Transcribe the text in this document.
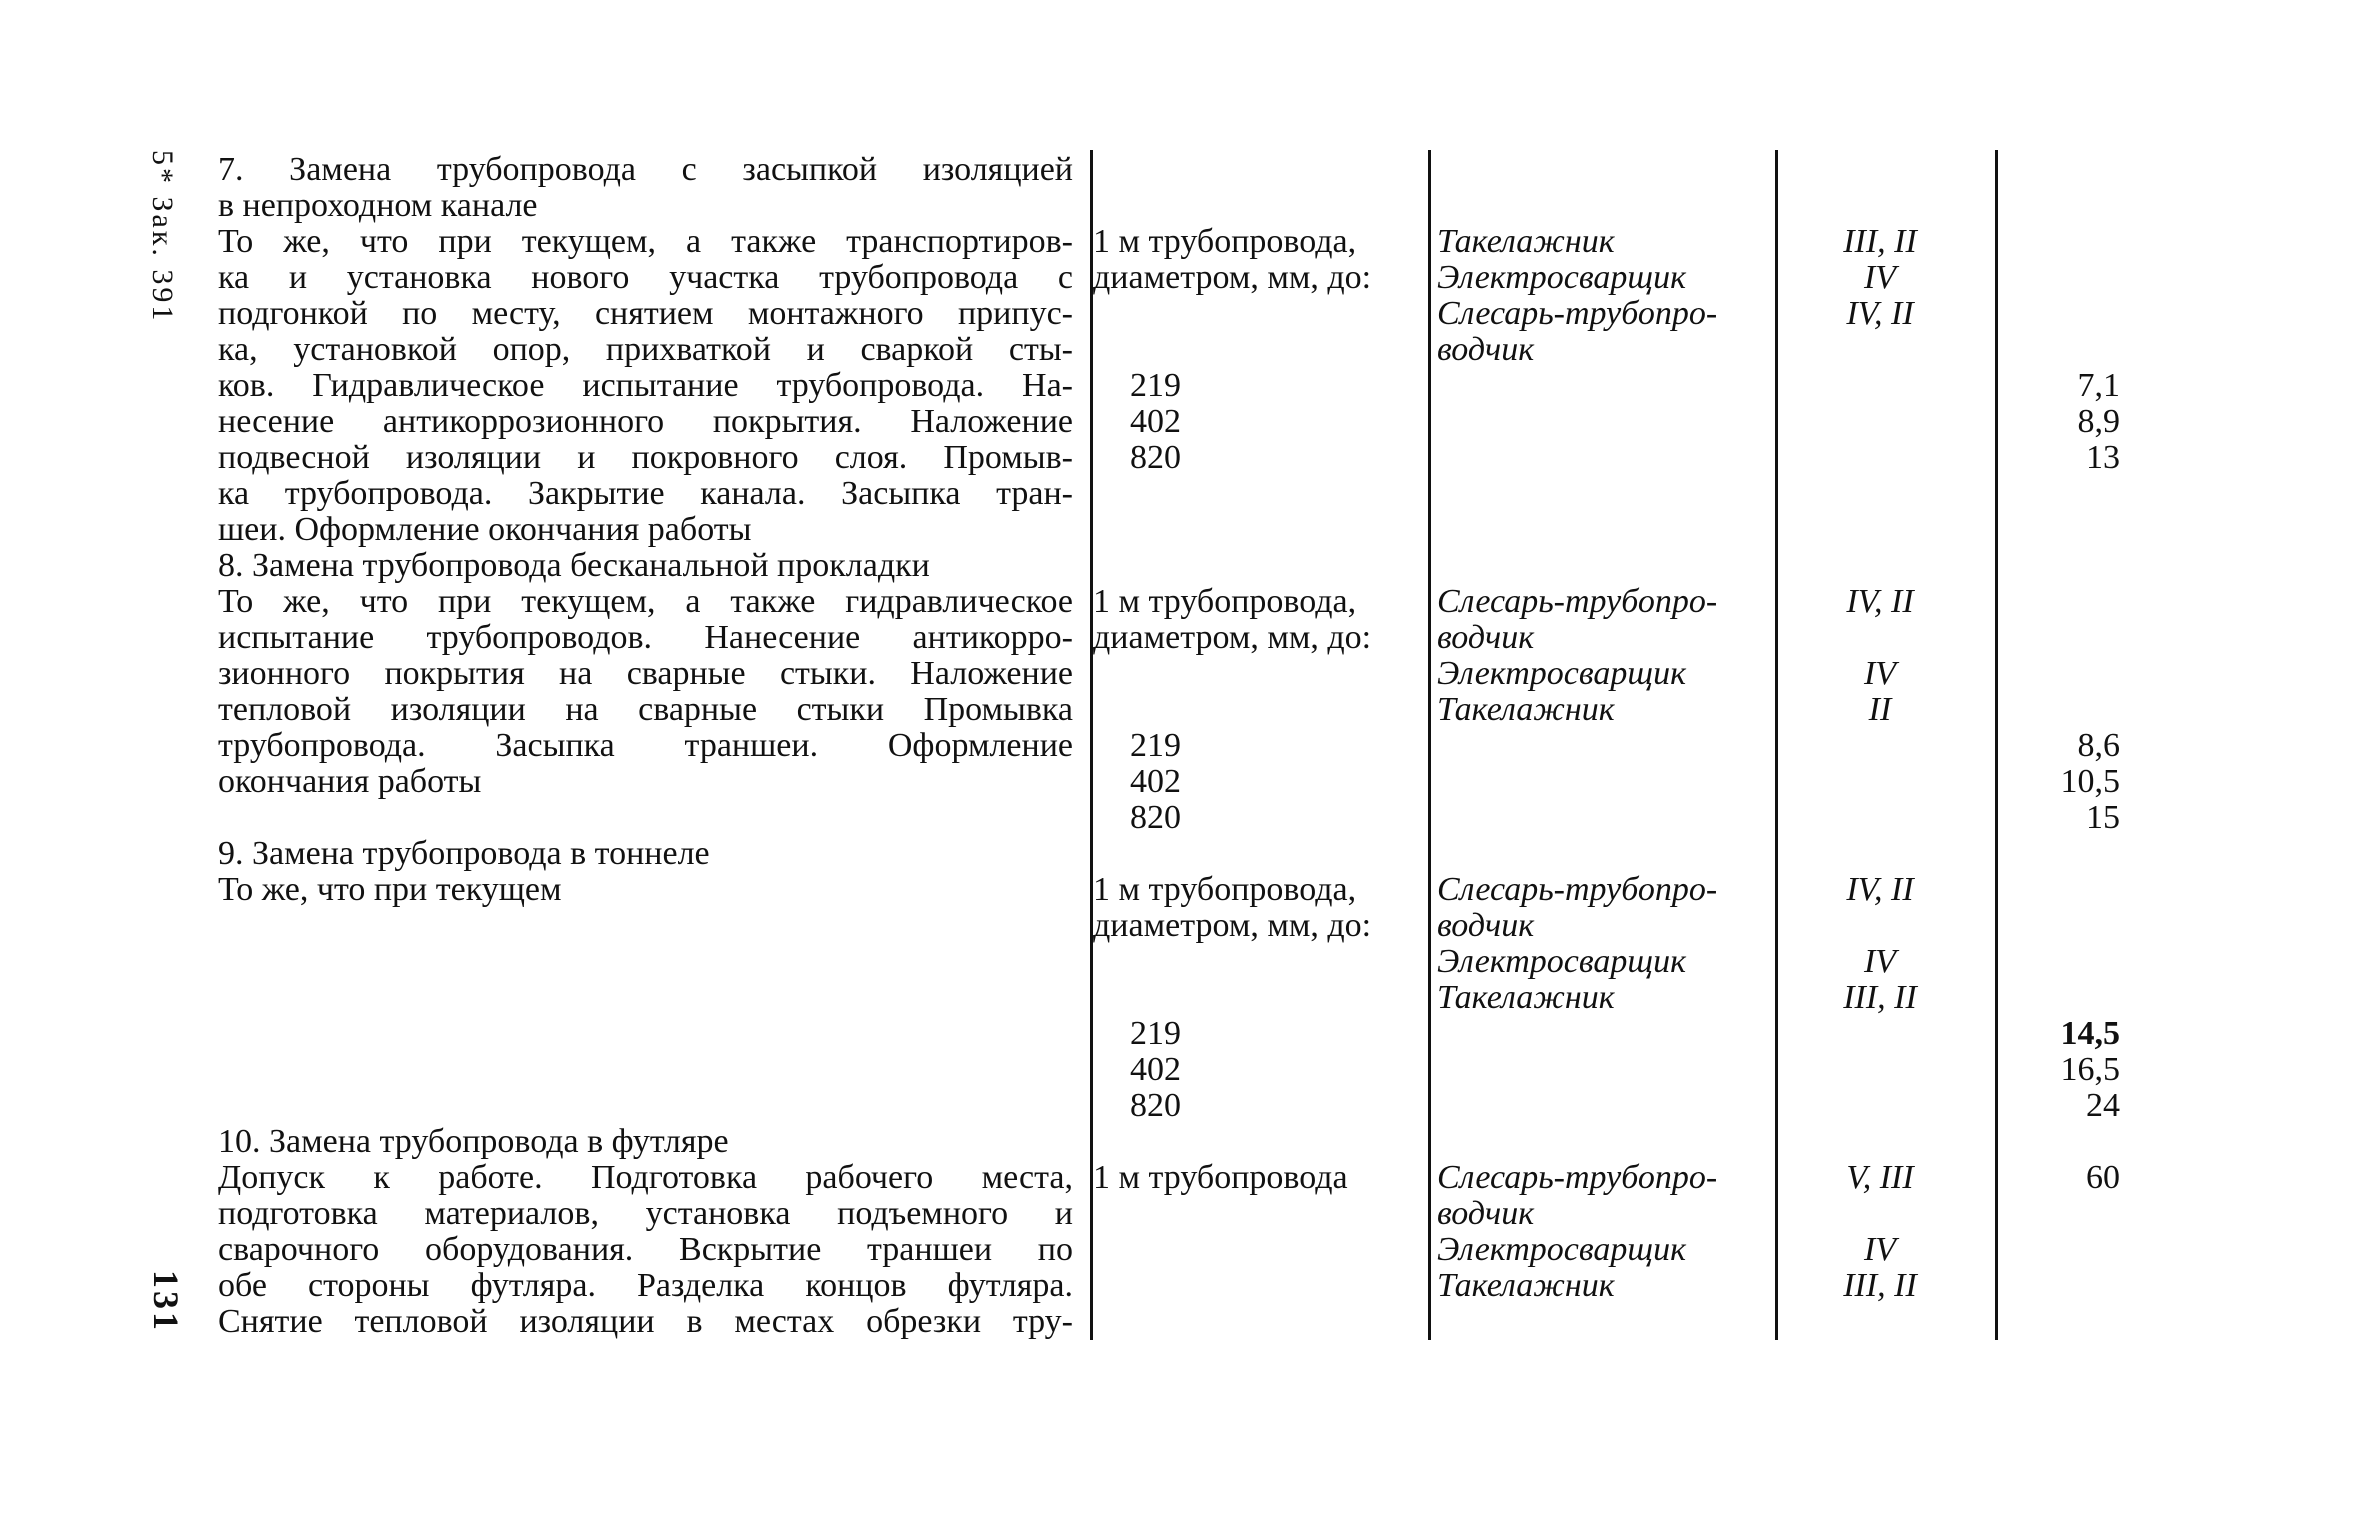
5* Зак. 391
131
7. Замена трубопровода с засыпкой изоляцией
в непроходном канале
То же, что при текущем, а также транспортиров-
ка и установка нового участка трубопровода с
подгонкой по месту, снятием монтажного припус-
ка, установкой опор, прихваткой и сваркой сты-
ков. Гидравлическое испытание трубопровода. На-
несение антикоррозионного покрытия. Наложение
подвесной изоляции и покровного слоя. Промыв-
ка трубопровода. Закрытие канала. Засыпка тран-
шеи. Оформление окончания работы
1 м трубопровода,
диаметром, мм, до:
219
402
820
Такелажник
Электросварщик
Слесарь-трубопро-
водчик
III, II
IV
IV, II
7,1
8,9
13
8. Замена трубопровода бесканальной прокладки
То же, что при текущем, а также гидравлическое
испытание трубопроводов. Нанесение антикорро-
зионного покрытия на сварные стыки. Наложение
тепловой изоляции на сварные стыки Промывка
трубопровода. Засыпка траншеи. Оформление
окончания работы
1 м трубопровода,
диаметром, мм, до:
219
402
820
Слесарь-трубопро-
водчик
Электросварщик
Такелажник
IV, II
IV
II
8,6
10,5
15
9. Замена трубопровода в тоннеле
То же, что при текущем	1 м трубопровода,
диаметром, мм, до:
219
402
820
Слесарь-трубопро-
водчик
Электросварщик
Такелажник
IV, II
IV
III, II
14,5
16,5
24
10. Замена трубопровода в футляре
Допуск к работе. Подготовка рабочего места,
подготовка материалов, установка подъемного и
сварочного оборудования. Вскрытие траншеи по
обе стороны футляра. Разделка концов футляра.
Снятие тепловой изоляции в местах обрезки тру-
1 м трубопровода	Слесарь-трубопро-
водчик
Электросварщик
Такелажник
V, III
IV
III, II
60
